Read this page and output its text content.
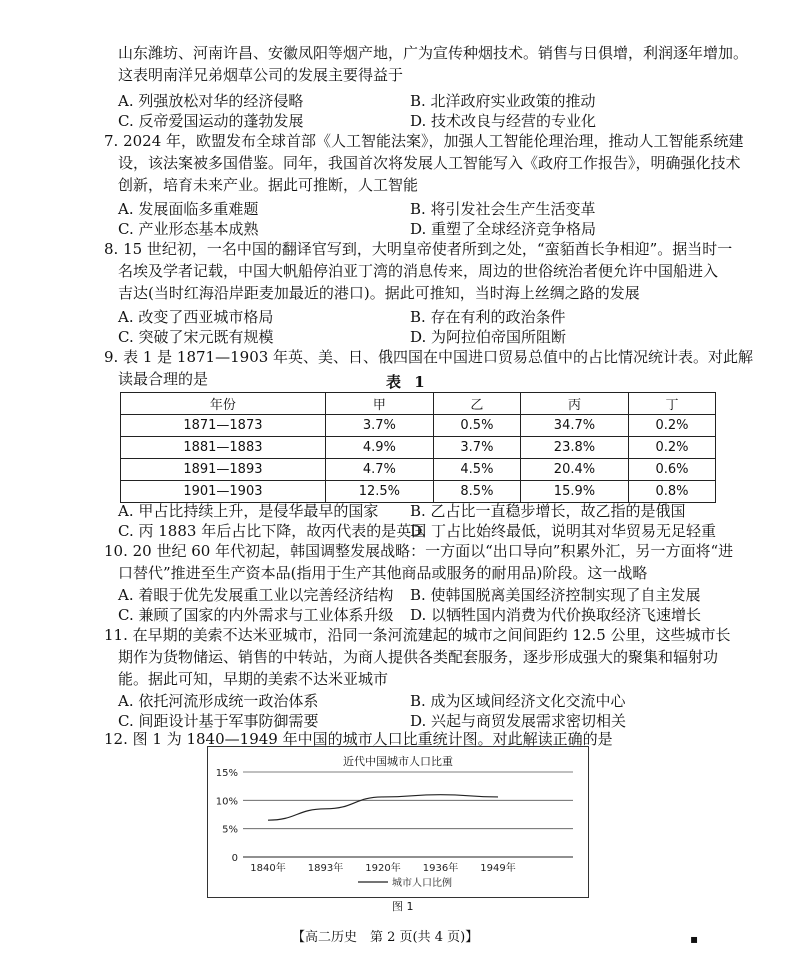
山东潍坊、河南许昌、安徽凤阳等烟产地，广为宣传种烟技术。销售与日俱增，利润逐年增加。
这表明南洋兄弟烟草公司的发展主要得益于
A. 列强放松对华的经济侵略	B. 北洋政府实业政策的推动
C. 反帝爱国运动的蓬勃发展	D. 技术改良与经营的专业化
7. 2024 年，欧盟发布全球首部《人工智能法案》，加强人工智能伦理治理，推动人工智能系统建
设，该法案被多国借鉴。同年，我国首次将发展人工智能写入《政府工作报告》，明确强化技术
创新，培育未来产业。据此可推断，人工智能
A. 发展面临多重难题	B. 将引发社会生产生活变革
C. 产业形态基本成熟	D. 重塑了全球经济竞争格局
8. 15 世纪初，一名中国的翻译官写到，大明皇帝使者所到之处，“蛮貊酋长争相迎”。据当时一
名埃及学者记载，中国大帆船停泊亚丁湾的消息传来，周边的世俗统治者便允许中国船进入
吉达(当时红海沿岸距麦加最近的港口)。据此可推知，当时海上丝绸之路的发展
A. 改变了西亚城市格局	B. 存在有利的政治条件
C. 突破了宋元既有规模	D. 为阿拉伯帝国所阻断
9. 表 1 是 1871—1903 年英、美、日、俄四国在中国进口贸易总值中的占比情况统计表。对此解
读最合理的是	表 1
年份	甲	乙	丙	丁
1871—1873	3.7%	0.5%	34.7%	0.2%
1881—1883	4.9%	3.7%	23.8%	0.2%
1891—1893	4.7%	4.5%	20.4%	0.6%
1901—1903	12.5%	8.5%	15.9%	0.8%
A. 甲占比持续上升，是侵华最早的国家 B. 乙占比一直稳步增长，故乙指的是俄国
C. 丙 1883 年后占比下降，故丙代表的是英国
D. 丁占比始终最低，说明其对华贸易无足轻重
10. 20 世纪 60 年代初起，韩国调整发展战略：一方面以“出口导向”积累外汇，另一方面将“进
口替代”推进至生产资本品(指用于生产其他商品或服务的耐用品)阶段。这一战略
A. 着眼于优先发展重工业以完善经济结构 B. 使韩国脱离美国经济控制实现了自主发展
C. 兼顾了国家的内外需求与工业体系升级 D. 以牺牲国内消费为代价换取经济飞速增长
11. 在早期的美索不达米亚城市，沿同一条河流建起的城市之间间距约 12.5 公里，这些城市长
期作为货物储运、销售的中转站，为商人提供各类配套服务，逐步形成强大的聚集和辐射功
能。据此可知，早期的美索不达米亚城市
A. 依托河流形成统一政治体系	B. 成为区域间经济文化交流中心
C. 间距设计基于军事防御需要	D. 兴起与商贸发展需求密切相关
12. 图 1 为 1840—1949 年中国的城市人口比重统计图。对此解读正确的是
近代中国城市人口比重
0
5%
10%
15%
1840年 1893年 1920年 1936年 1949年
城市人口比例
图 1
【高二历史　第 2 页(共 4 页)】	▪
